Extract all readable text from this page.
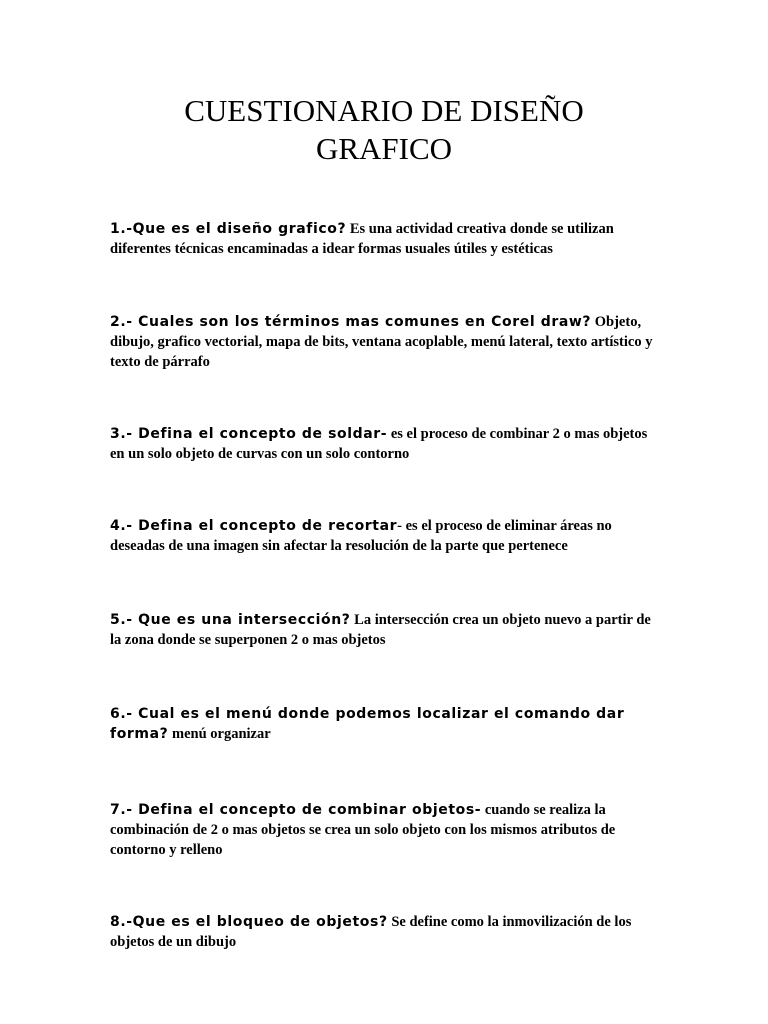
CUESTIONARIO DE DISEÑO
GRAFICO

1.-Que es el diseño grafico? Es una actividad creativa donde se utilizan diferentes técnicas encaminadas a idear formas usuales útiles y estéticas

2.- Cuales son los términos mas comunes en Corel draw? Objeto, dibujo, grafico vectorial, mapa de bits, ventana acoplable, menú lateral, texto artístico y texto de párrafo

3.- Defina el concepto de soldar- es el proceso de combinar 2 o mas objetos en un solo objeto de curvas con un solo contorno

4.- Defina el concepto de recortar- es el proceso de eliminar áreas no deseadas de una imagen sin afectar la resolución de la parte que pertenece

5.- Que es una intersección? La intersección crea un objeto nuevo a partir de la zona donde se superponen 2 o mas objetos

6.- Cual es el menú donde podemos localizar el comando dar forma? menú organizar

7.- Defina el concepto de combinar objetos- cuando se realiza la combinación de 2 o mas objetos se crea un solo objeto con los mismos atributos de contorno y relleno

8.-Que es el bloqueo de objetos? Se define como la inmovilización de los objetos de un dibujo
